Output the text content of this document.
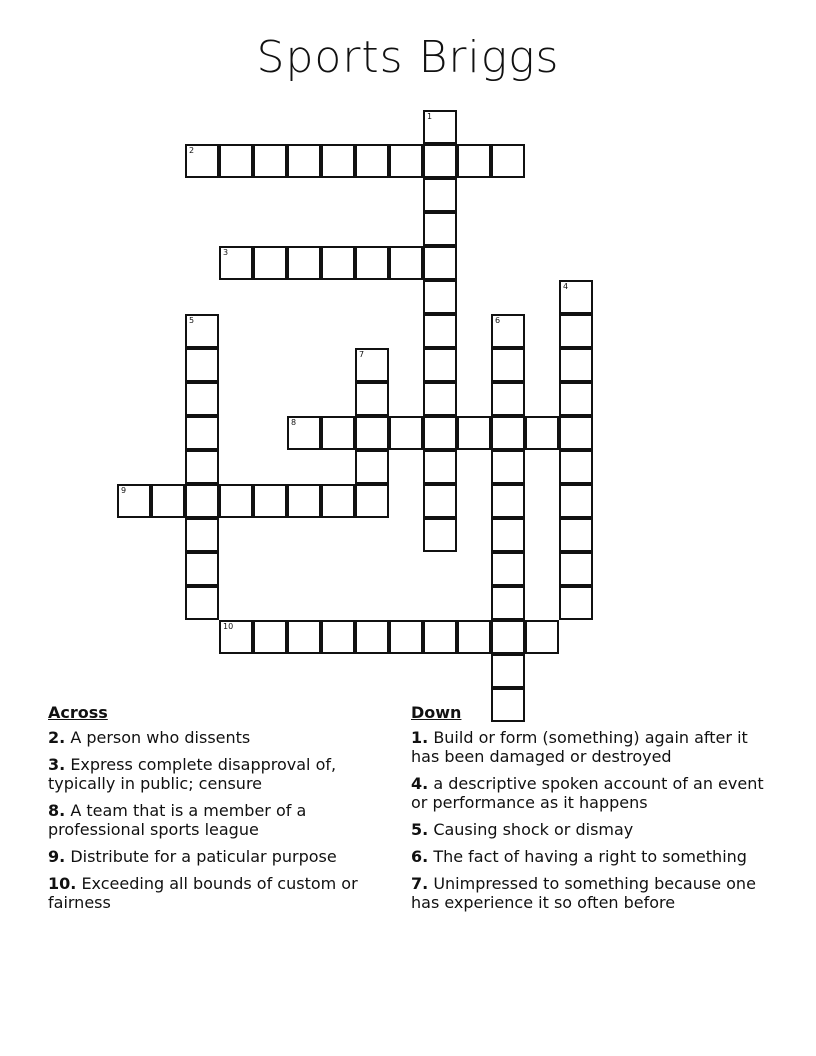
Sports Briggs
1
2
3
4
5	6
7
8
9
10
Across
2. A person who dissents
3. Express complete disapproval of, typically in public; censure
8. A team that is a member of a professional sports league
9. Distribute for a paticular purpose
10. Exceeding all bounds of custom or fairness
Down
1. Build or form (something) again after it has been damaged or destroyed
4. a descriptive spoken account of an event or performance as it happens
5. Causing shock or dismay
6. The fact of having a right to something
7. Unimpressed to something because one has experience it so often before
